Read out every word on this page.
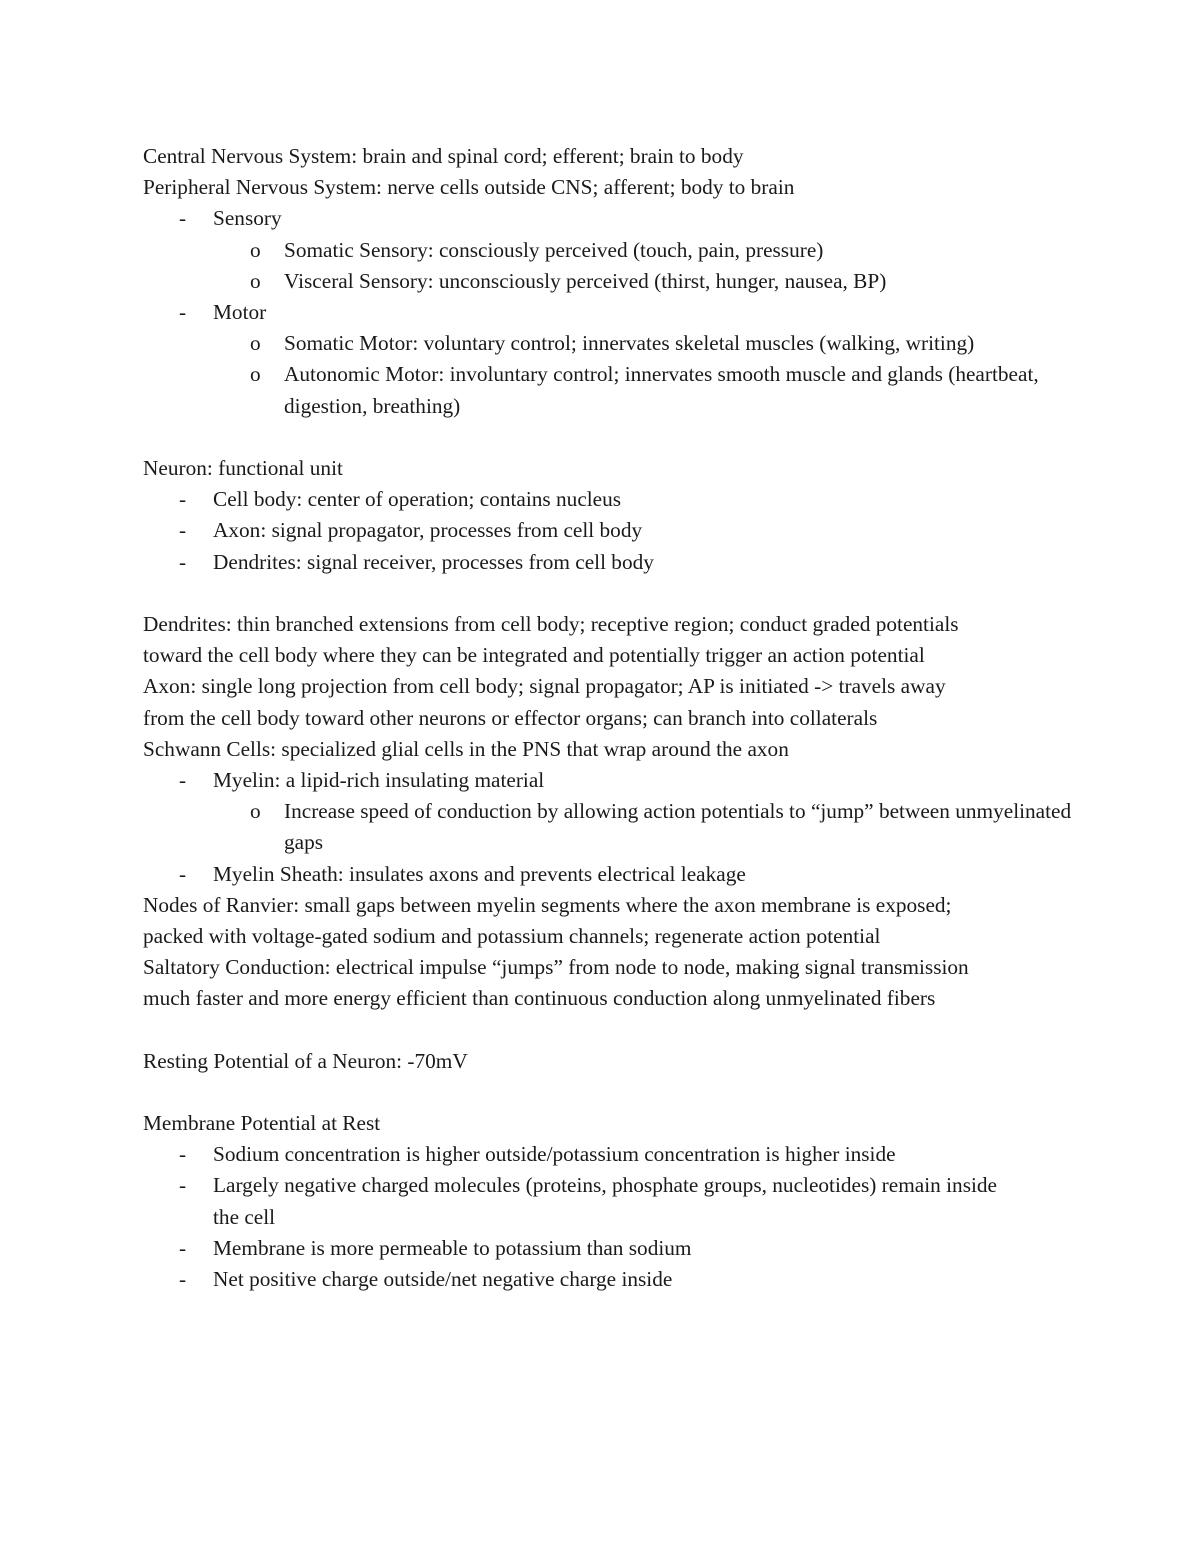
Central Nervous System: brain and spinal cord; efferent; brain to body
Peripheral Nervous System: nerve cells outside CNS; afferent; body to brain
- Sensory
o Somatic Sensory: consciously perceived (touch, pain, pressure)
o Visceral Sensory: unconsciously perceived (thirst, hunger, nausea, BP)
- Motor
o Somatic Motor: voluntary control; innervates skeletal muscles (walking, writing)
o Autonomic Motor: involuntary control; innervates smooth muscle and glands (heartbeat, digestion, breathing)
Neuron: functional unit
- Cell body: center of operation; contains nucleus
- Axon: signal propagator, processes from cell body
- Dendrites: signal receiver, processes from cell body
Dendrites: thin branched extensions from cell body; receptive region; conduct graded potentials
toward the cell body where they can be integrated and potentially trigger an action potential
Axon: single long projection from cell body; signal propagator; AP is initiated -> travels away
from the cell body toward other neurons or effector organs; can branch into collaterals
Schwann Cells: specialized glial cells in the PNS that wrap around the axon
- Myelin: a lipid-rich insulating material
o Increase speed of conduction by allowing action potentials to “jump” between unmyelinated gaps
- Myelin Sheath: insulates axons and prevents electrical leakage
Nodes of Ranvier: small gaps between myelin segments where the axon membrane is exposed;
packed with voltage-gated sodium and potassium channels; regenerate action potential
Saltatory Conduction: electrical impulse “jumps” from node to node, making signal transmission
much faster and more energy efficient than continuous conduction along unmyelinated fibers
Resting Potential of a Neuron: -70mV
Membrane Potential at Rest
- Sodium concentration is higher outside/potassium concentration is higher inside
- Largely negative charged molecules (proteins, phosphate groups, nucleotides) remain inside the cell
- Membrane is more permeable to potassium than sodium
- Net positive charge outside/net negative charge inside
